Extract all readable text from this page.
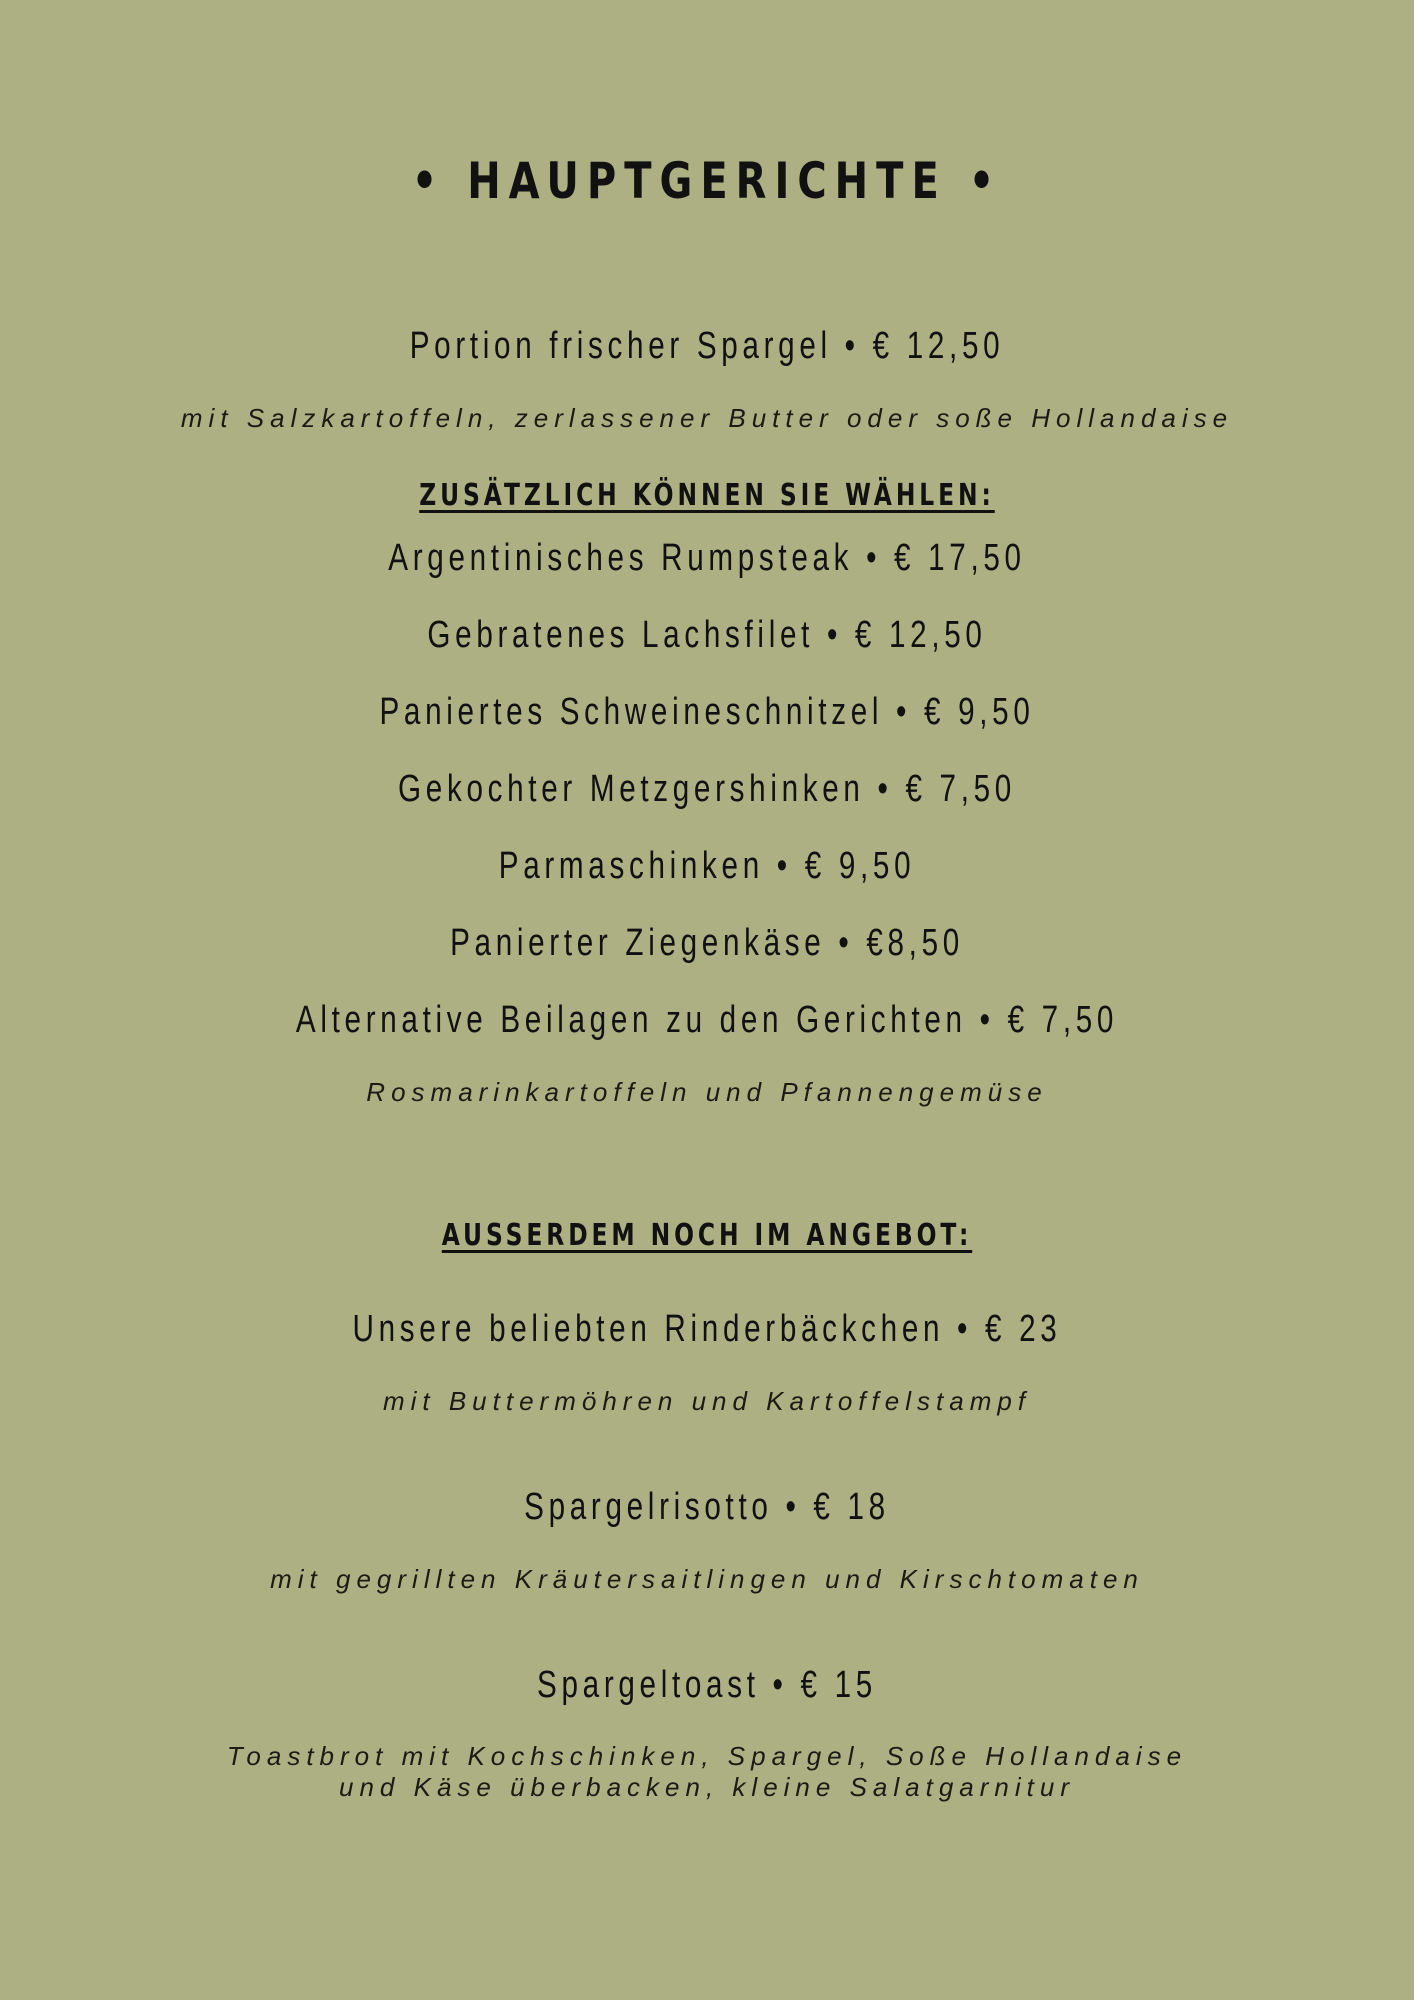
• HAUPTGERICHTE •

Portion frischer Spargel • € 12,50

mit Salzkartoffeln, zerlassener Butter oder soße Hollandaise

ZUSÄTZLICH KÖNNEN SIE WÄHLEN:

Argentinisches Rumpsteak • € 17,50

Gebratenes Lachsfilet • € 12,50

Paniertes Schweineschnitzel • € 9,50

Gekochter Metzgershinken • € 7,50

Parmaschinken • € 9,50

Panierter Ziegenkäse • €8,50

Alternative Beilagen zu den Gerichten • € 7,50

Rosmarinkartoffeln und Pfannengemüse

AUSSERDEM NOCH IM ANGEBOT:

Unsere beliebten Rinderbäckchen • € 23

mit Buttermöhren und Kartoffelstampf

Spargelrisotto • € 18

mit gegrillten Kräutersaitlingen und Kirschtomaten

Spargeltoast • € 15

Toastbrot mit Kochschinken, Spargel, Soße Hollandaise
und Käse überbacken, kleine Salatgarnitur
